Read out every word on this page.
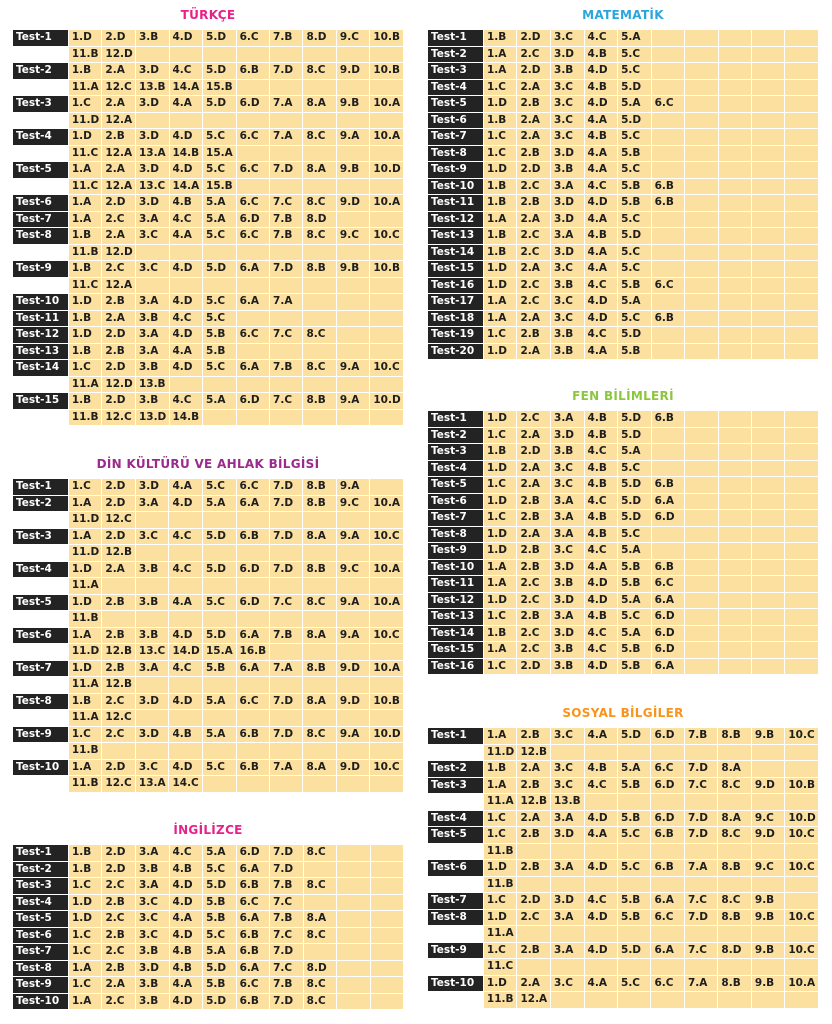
TÜRKÇE
Test-1	1.D	2.D	3.B	4.D	5.D	6.C	7.B	8.D	9.C	10.B
	11.B	12.D								
Test-2	1.B	2.A	3.D	4.C	5.D	6.B	7.D	8.C	9.D	10.B
	11.A	12.C	13.B	14.A	15.B					
Test-3	1.C	2.A	3.D	4.A	5.D	6.D	7.A	8.A	9.B	10.A
	11.D	12.A								
Test-4	1.D	2.B	3.D	4.D	5.C	6.C	7.A	8.C	9.A	10.A
	11.C	12.A	13.A	14.B	15.A					
Test-5	1.A	2.A	3.D	4.D	5.C	6.C	7.D	8.A	9.B	10.D
	11.C	12.A	13.C	14.A	15.B					
Test-6	1.A	2.D	3.D	4.B	5.A	6.C	7.C	8.C	9.D	10.A
Test-7	1.A	2.C	3.A	4.C	5.A	6.D	7.B	8.D		
Test-8	1.B	2.A	3.C	4.A	5.C	6.C	7.B	8.C	9.C	10.C
	11.B	12.D								
Test-9	1.B	2.C	3.C	4.D	5.D	6.A	7.D	8.B	9.B	10.B
	11.C	12.A								
Test-10	1.D	2.B	3.A	4.D	5.C	6.A	7.A			
Test-11	1.B	2.A	3.B	4.C	5.C					
Test-12	1.D	2.D	3.A	4.D	5.B	6.C	7.C	8.C		
Test-13	1.B	2.B	3.A	4.A	5.B					
Test-14	1.C	2.D	3.B	4.D	5.C	6.A	7.B	8.C	9.A	10.C
	11.A	12.D	13.B							
Test-15	1.B	2.D	3.B	4.C	5.A	6.D	7.C	8.B	9.A	10.D
	11.B	12.C	13.D	14.B						
DİN KÜLTÜRÜ VE AHLAK BİLGİSİ
Test-1	1.C	2.D	3.D	4.A	5.C	6.C	7.D	8.B	9.A	
Test-2	1.A	2.D	3.A	4.D	5.A	6.A	7.D	8.B	9.C	10.A
	11.D	12.C								
Test-3	1.A	2.D	3.C	4.C	5.D	6.B	7.D	8.A	9.A	10.C
	11.D	12.B								
Test-4	1.D	2.A	3.B	4.C	5.D	6.D	7.D	8.B	9.C	10.A
	11.A									
Test-5	1.D	2.B	3.B	4.A	5.C	6.D	7.C	8.C	9.A	10.A
	11.B									
Test-6	1.A	2.B	3.B	4.D	5.D	6.A	7.B	8.A	9.A	10.C
	11.D	12.B	13.C	14.D	15.A	16.B				
Test-7	1.D	2.B	3.A	4.C	5.B	6.A	7.A	8.B	9.D	10.A
	11.A	12.B								
Test-8	1.B	2.C	3.D	4.D	5.A	6.C	7.D	8.A	9.D	10.B
	11.A	12.C								
Test-9	1.C	2.C	3.D	4.B	5.A	6.B	7.D	8.C	9.A	10.D
	11.B									
Test-10	1.A	2.D	3.C	4.D	5.C	6.B	7.A	8.A	9.D	10.C
	11.B	12.C	13.A	14.C						
İNGİLİZCE
Test-1	1.B	2.D	3.A	4.C	5.A	6.D	7.D	8.C		
Test-2	1.B	2.D	3.B	4.B	5.C	6.A	7.D			
Test-3	1.C	2.C	3.A	4.D	5.D	6.B	7.B	8.C		
Test-4	1.D	2.B	3.C	4.D	5.B	6.C	7.C			
Test-5	1.D	2.C	3.C	4.A	5.B	6.A	7.B	8.A		
Test-6	1.C	2.B	3.C	4.D	5.C	6.B	7.C	8.C		
Test-7	1.C	2.C	3.B	4.B	5.A	6.B	7.D			
Test-8	1.A	2.B	3.D	4.B	5.D	6.A	7.C	8.D		
Test-9	1.C	2.A	3.B	4.A	5.B	6.C	7.B	8.C		
Test-10	1.A	2.C	3.B	4.D	5.D	6.B	7.D	8.C		
MATEMATİK
Test-1	1.B	2.D	3.C	4.C	5.A					
Test-2	1.A	2.C	3.D	4.B	5.C					
Test-3	1.A	2.D	3.B	4.D	5.C					
Test-4	1.C	2.A	3.C	4.B	5.D					
Test-5	1.D	2.B	3.C	4.D	5.A	6.C				
Test-6	1.B	2.A	3.C	4.A	5.D					
Test-7	1.C	2.A	3.C	4.B	5.C					
Test-8	1.C	2.B	3.D	4.A	5.B					
Test-9	1.D	2.D	3.B	4.A	5.C					
Test-10	1.B	2.C	3.A	4.C	5.B	6.B				
Test-11	1.B	2.B	3.D	4.D	5.B	6.B				
Test-12	1.A	2.A	3.D	4.A	5.C					
Test-13	1.B	2.C	3.A	4.B	5.D					
Test-14	1.B	2.C	3.D	4.A	5.C					
Test-15	1.D	2.A	3.C	4.A	5.C					
Test-16	1.D	2.C	3.B	4.C	5.B	6.C				
Test-17	1.A	2.C	3.C	4.D	5.A					
Test-18	1.A	2.A	3.C	4.D	5.C	6.B				
Test-19	1.C	2.B	3.B	4.C	5.D					
Test-20	1.D	2.A	3.B	4.A	5.B					
FEN BİLİMLERİ
Test-1	1.D	2.C	3.A	4.B	5.D	6.B				
Test-2	1.C	2.A	3.D	4.B	5.D					
Test-3	1.B	2.D	3.B	4.C	5.A					
Test-4	1.D	2.A	3.C	4.B	5.C					
Test-5	1.C	2.A	3.C	4.B	5.D	6.B				
Test-6	1.D	2.B	3.A	4.C	5.D	6.A				
Test-7	1.C	2.B	3.A	4.B	5.D	6.D				
Test-8	1.D	2.A	3.A	4.B	5.C					
Test-9	1.D	2.B	3.C	4.C	5.A					
Test-10	1.A	2.B	3.D	4.A	5.B	6.B				
Test-11	1.A	2.C	3.B	4.D	5.B	6.C				
Test-12	1.D	2.C	3.D	4.D	5.A	6.A				
Test-13	1.C	2.B	3.A	4.B	5.C	6.D				
Test-14	1.B	2.C	3.D	4.C	5.A	6.D				
Test-15	1.A	2.C	3.B	4.C	5.B	6.D				
Test-16	1.C	2.D	3.B	4.D	5.B	6.A				
SOSYAL BİLGİLER
Test-1	1.A	2.B	3.C	4.A	5.D	6.D	7.B	8.B	9.B	10.C
	11.D	12.B								
Test-2	1.B	2.A	3.C	4.B	5.A	6.C	7.D	8.A		
Test-3	1.A	2.B	3.C	4.C	5.B	6.D	7.C	8.C	9.D	10.B
	11.A	12.B	13.B							
Test-4	1.C	2.A	3.A	4.D	5.B	6.D	7.D	8.A	9.C	10.D
Test-5	1.C	2.B	3.D	4.A	5.C	6.B	7.D	8.C	9.D	10.C
	11.B									
Test-6	1.D	2.B	3.A	4.D	5.C	6.B	7.A	8.B	9.C	10.C
	11.B									
Test-7	1.C	2.D	3.D	4.C	5.B	6.A	7.C	8.C	9.B	
Test-8	1.D	2.C	3.A	4.D	5.B	6.C	7.D	8.B	9.B	10.C
	11.A									
Test-9	1.C	2.B	3.A	4.D	5.D	6.A	7.C	8.D	9.B	10.C
	11.C									
Test-10	1.D	2.A	3.C	4.A	5.C	6.C	7.A	8.B	9.B	10.A
	11.B	12.A								
